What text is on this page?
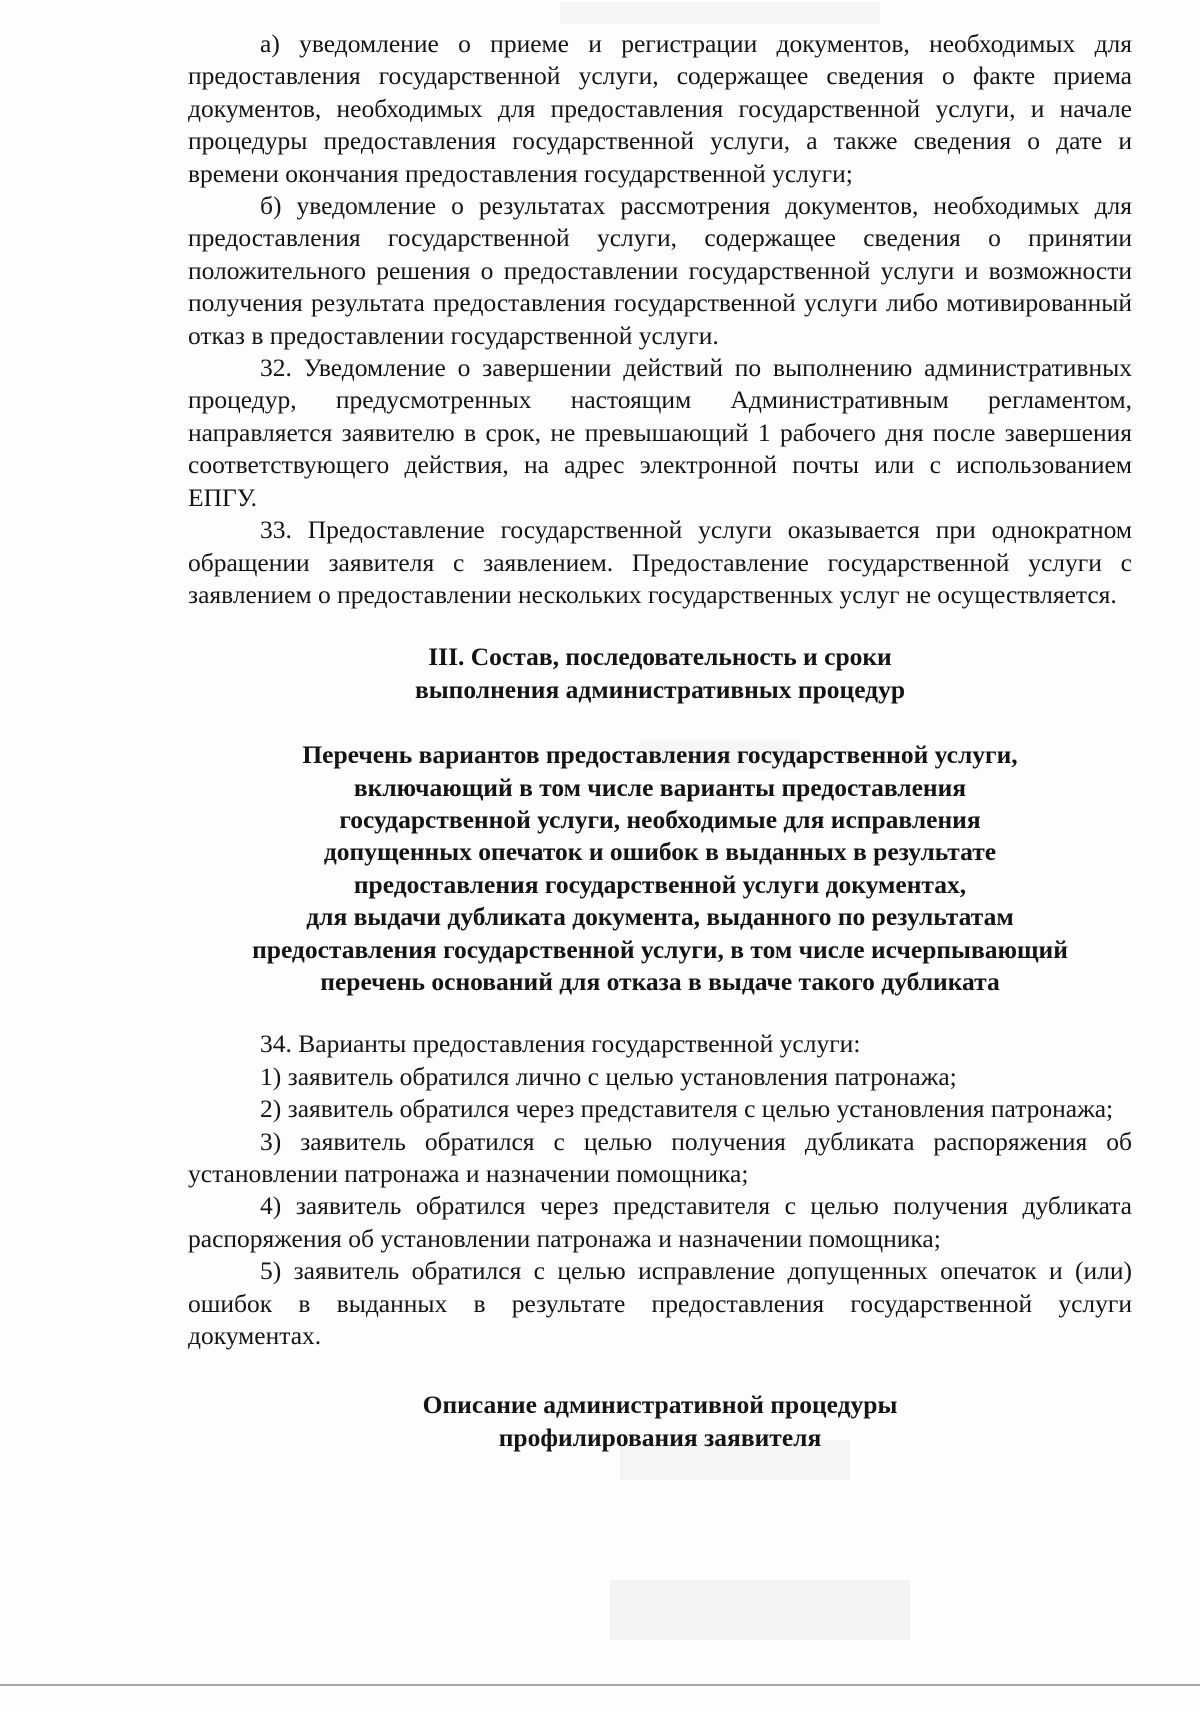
а) уведомление о приеме и регистрации документов, необходимых для предоставления государственной услуги, содержащее сведения о факте приема документов, необходимых для предоставления государственной услуги, и начале процедуры предоставления государственной услуги, а также сведения о дате и времени окончания предоставления государственной услуги;

б) уведомление о результатах рассмотрения документов, необходимых для предоставления государственной услуги, содержащее сведения о принятии положительного решения о предоставлении государственной услуги и возможности получения результата предоставления государственной услуги либо мотивированный отказ в предоставлении государственной услуги.

32. Уведомление о завершении действий по выполнению административных процедур, предусмотренных настоящим Административным регламентом, направляется заявителю в срок, не превышающий 1 рабочего дня после завершения соответствующего действия, на адрес электронной почты или с использованием ЕПГУ.

33. Предоставление государственной услуги оказывается при однократном обращении заявителя с заявлением. Предоставление государственной услуги с заявлением о предоставлении нескольких государственных услуг не осуществляется.

III. Состав, последовательность и сроки
выполнения административных процедур
Перечень вариантов предоставления государственной услуги,
включающий в том числе варианты предоставления
государственной услуги, необходимые для исправления
допущенных опечаток и ошибок в выданных в результате
предоставления государственной услуги документах,
для выдачи дубликата документа, выданного по результатам
предоставления государственной услуги, в том числе исчерпывающий
перечень оснований для отказа в выдаче такого дубликата

34. Варианты предоставления государственной услуги:

1) заявитель обратился лично с целью установления патронажа;

2) заявитель обратился через представителя с целью установления патронажа;

3) заявитель обратился с целью получения дубликата распоряжения об установлении патронажа и назначении помощника;

4) заявитель обратился через представителя с целью получения дубликата распоряжения об установлении патронажа и назначении помощника;

5) заявитель обратился с целью исправление допущенных опечаток и (или) ошибок в выданных в результате предоставления государственной услуги документах.

Описание административной процедуры
профилирования заявителя
